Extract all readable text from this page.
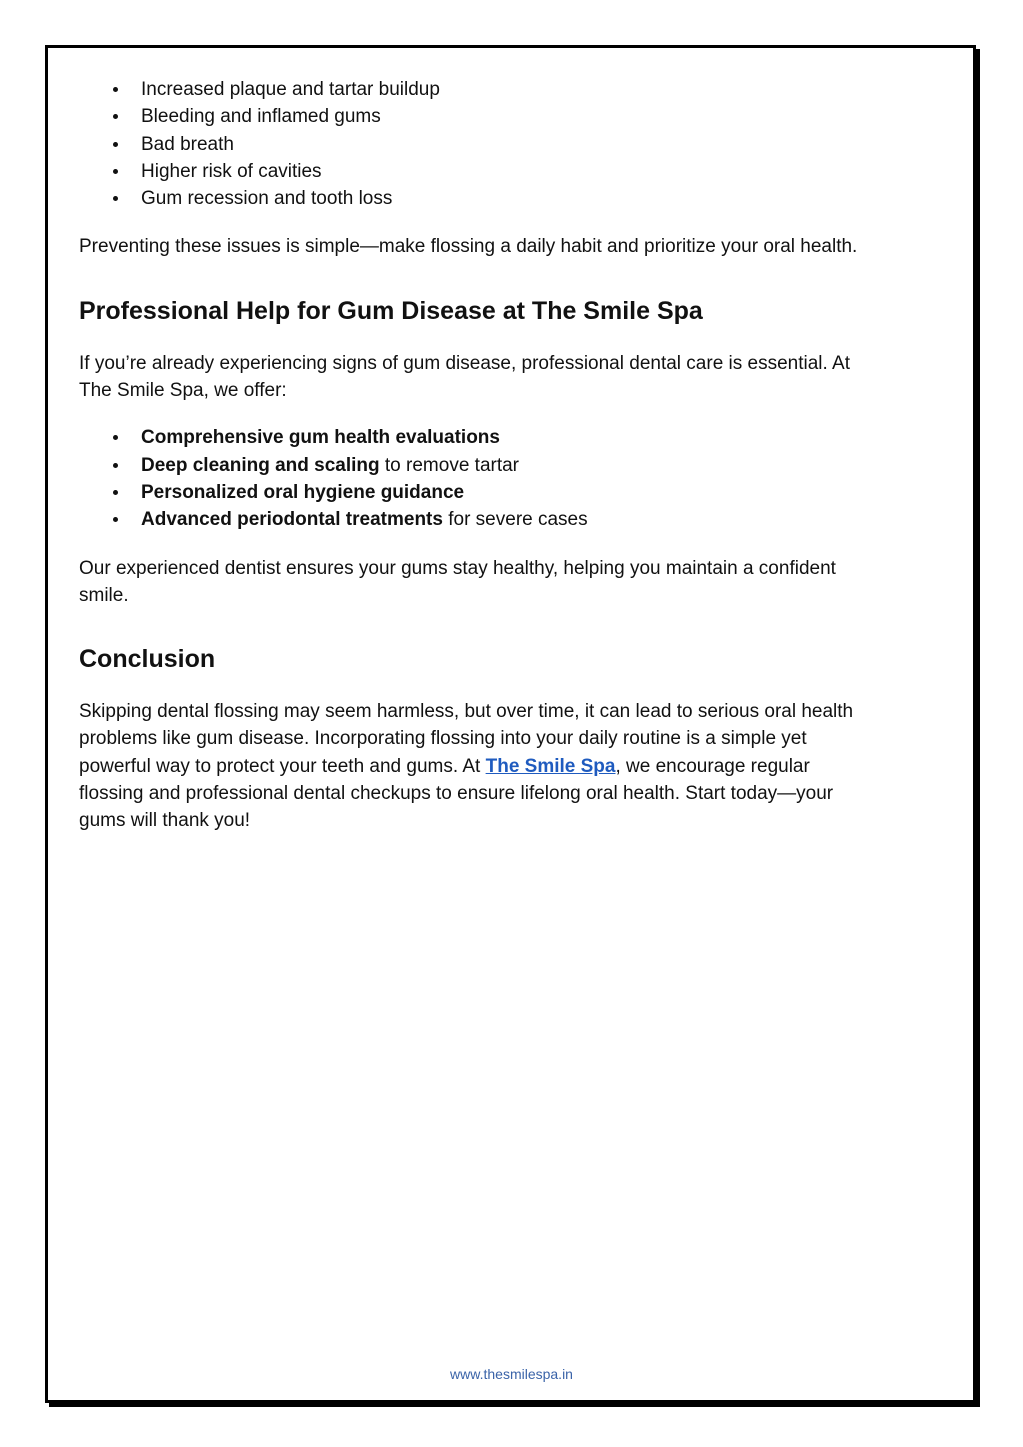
Increased plaque and tartar buildup
Bleeding and inflamed gums
Bad breath
Higher risk of cavities
Gum recession and tooth loss

Preventing these issues is simple—make flossing a daily habit and prioritize your oral health.

Professional Help for Gum Disease at The Smile Spa

If you’re already experiencing signs of gum disease, professional dental care is essential. At The Smile Spa, we offer:

Comprehensive gum health evaluations
Deep cleaning and scaling to remove tartar
Personalized oral hygiene guidance
Advanced periodontal treatments for severe cases

Our experienced dentist ensures your gums stay healthy, helping you maintain a confident smile.

Conclusion

Skipping dental flossing may seem harmless, but over time, it can lead to serious oral health problems like gum disease. Incorporating flossing into your daily routine is a simple yet powerful way to protect your teeth and gums. At The Smile Spa, we encourage regular flossing and professional dental checkups to ensure lifelong oral health. Start today—your gums will thank you!

www.thesmilespa.in
